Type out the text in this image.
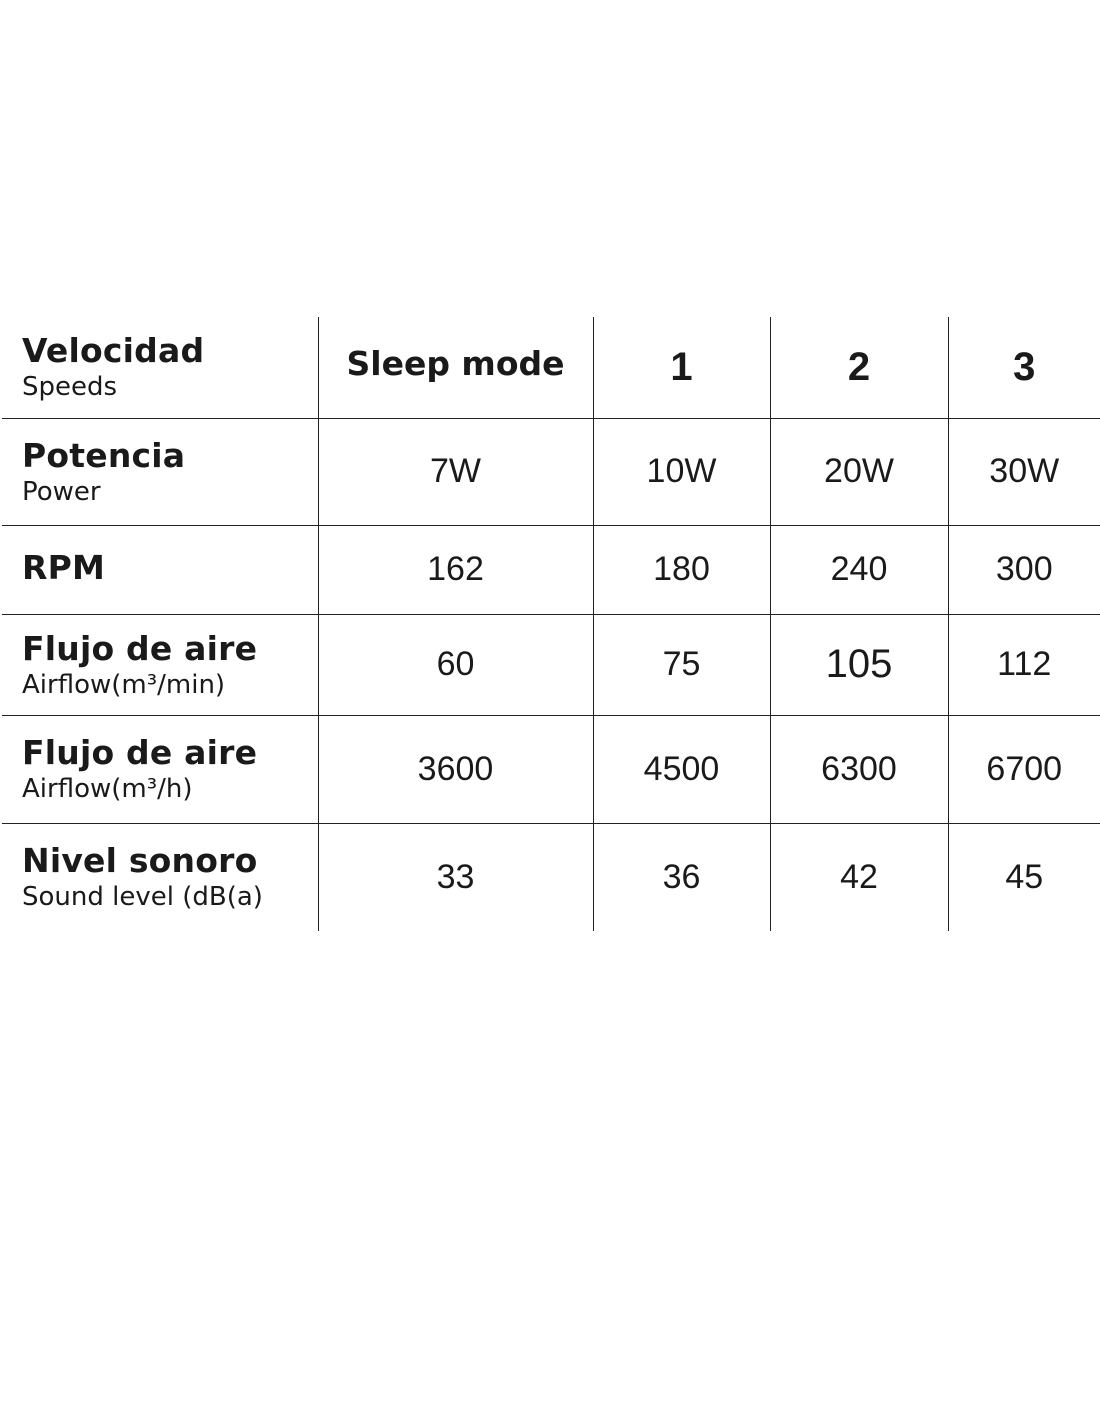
Velocidad
Speeds	Sleep mode	1	2	3

Potencia
Power	7W	10W	20W	30W

RPM	162	180	240	300

Flujo de aire
Airflow(m³/min)	60	75	105	112

Flujo de aire
Airflow(m³/h)	3600	4500	6300	6700

Nivel sonoro
Sound level (dB(a)	33	36	42	45
